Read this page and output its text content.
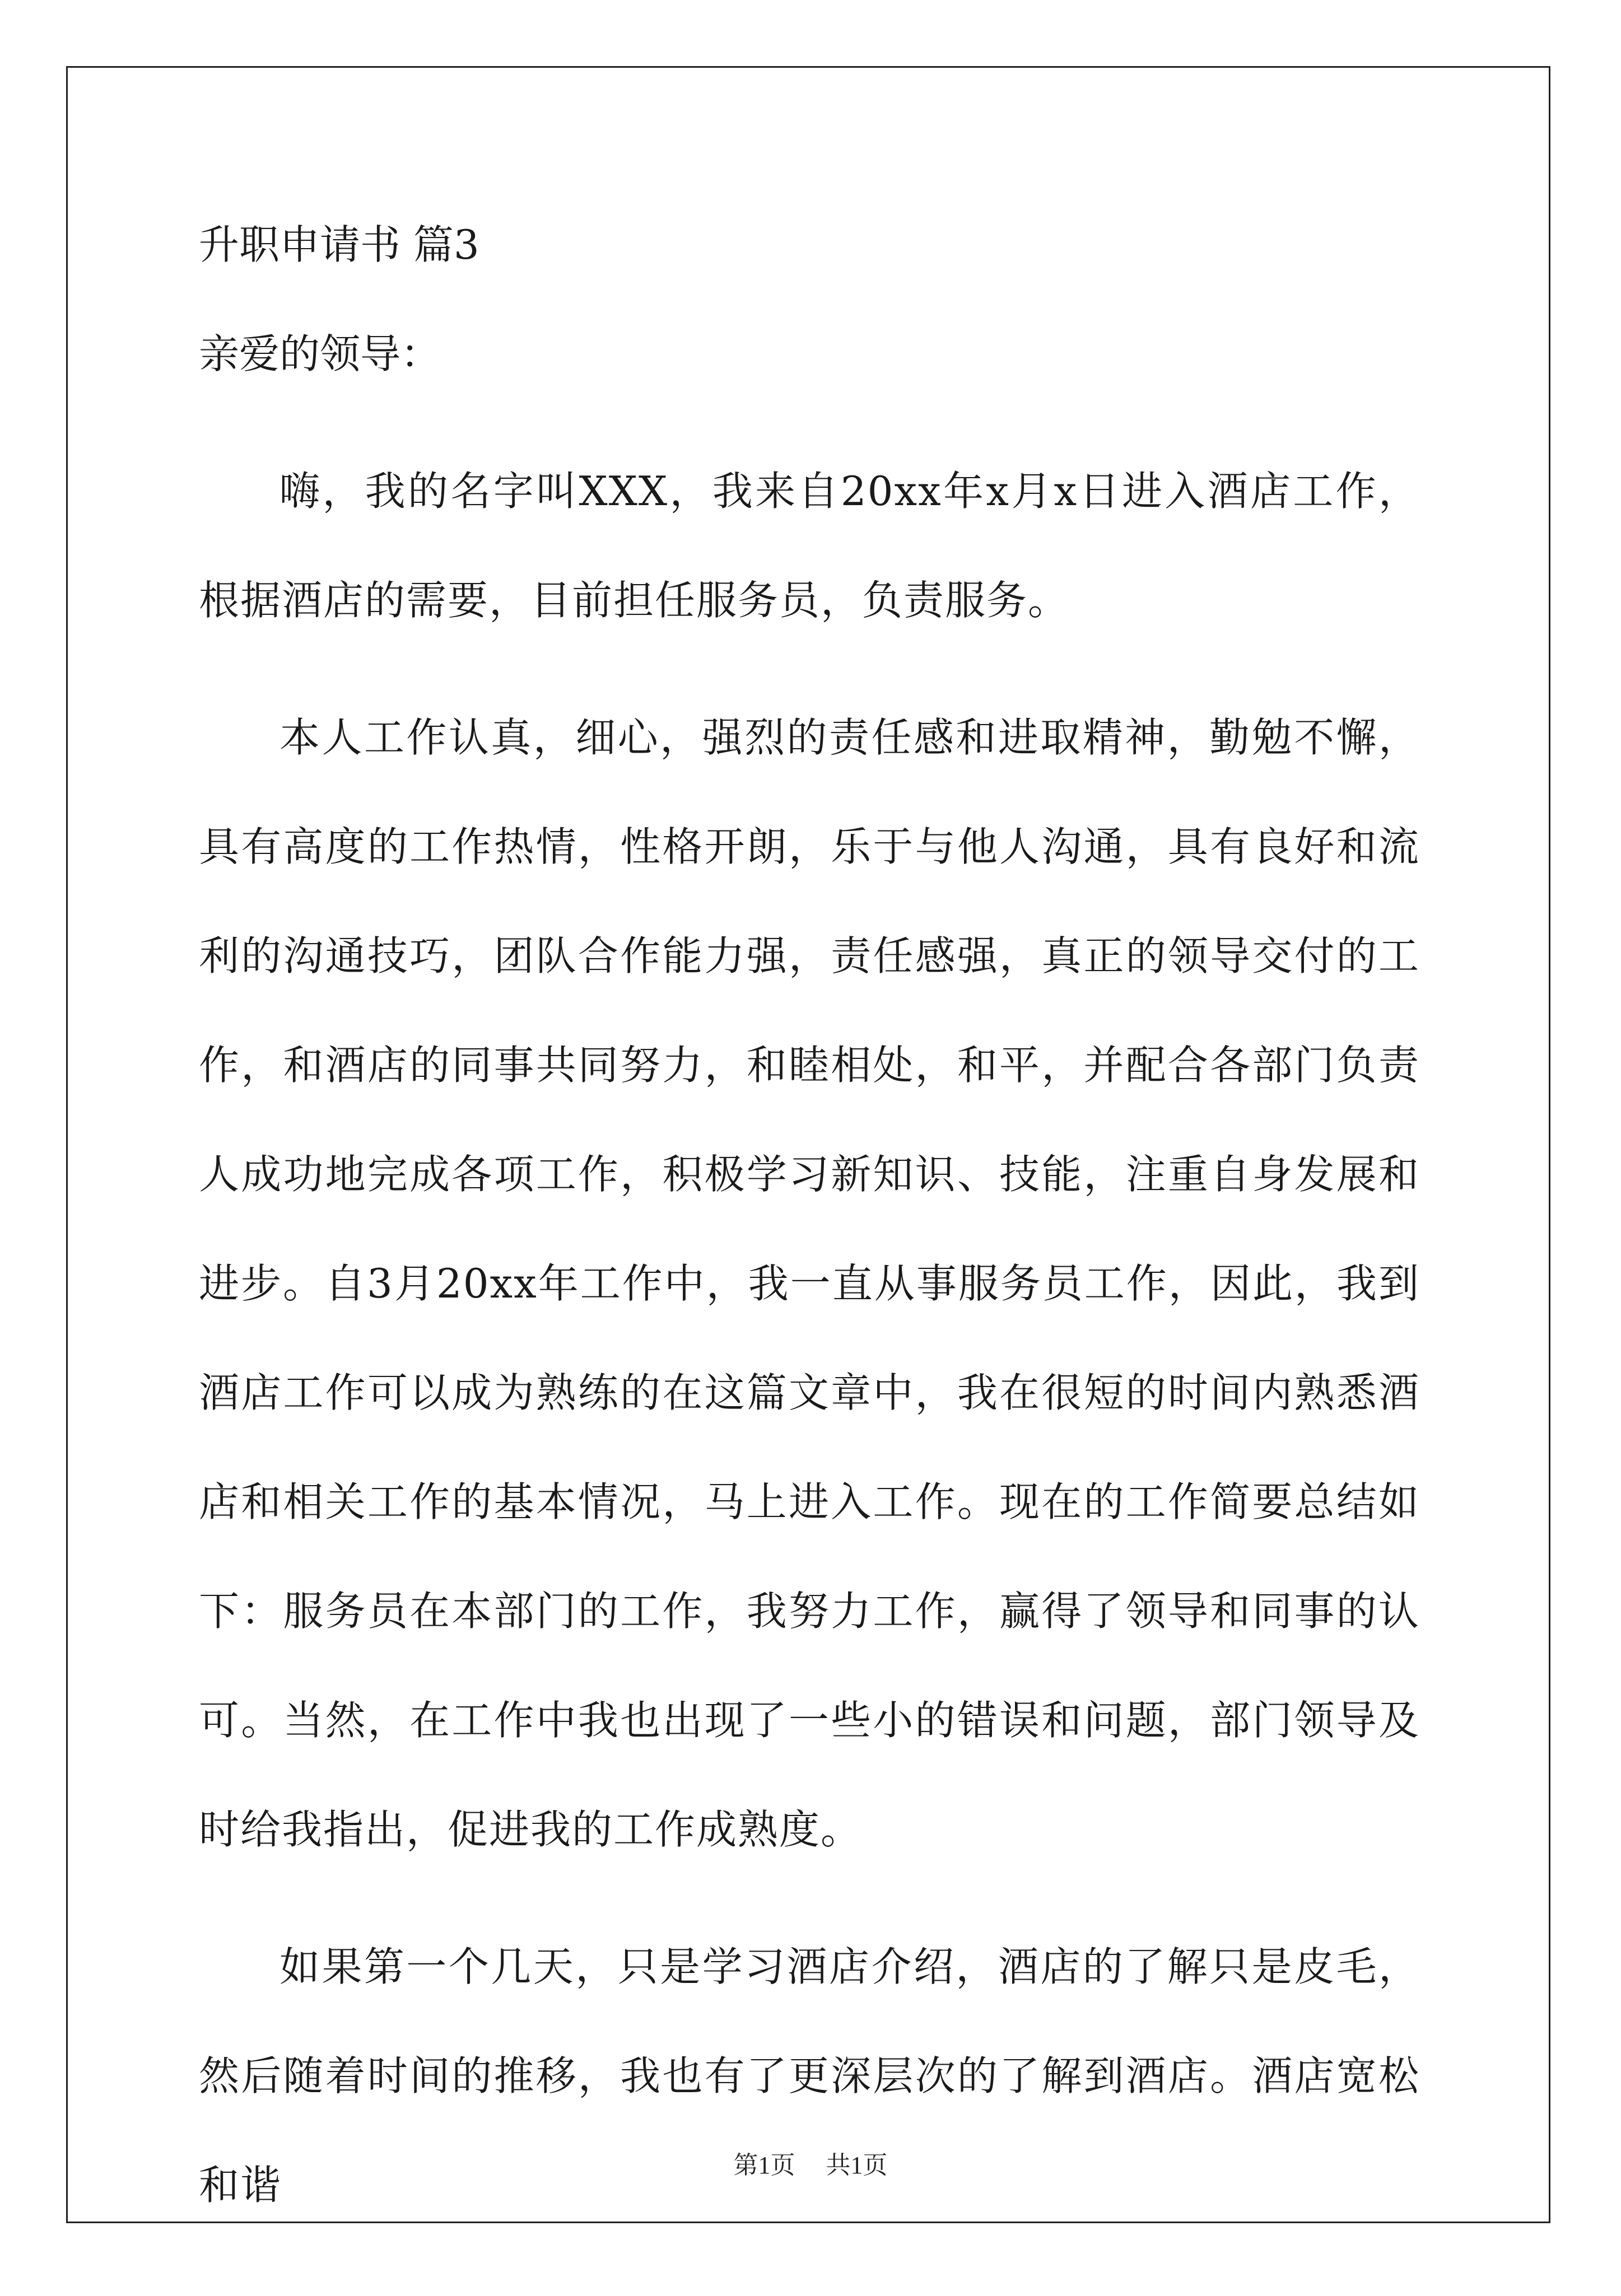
升职申请书 篇3

亲爱的领导：

嗨，我的名字叫XXX，我来自20xx年x月x日进入酒店工作，根据酒店的需要，目前担任服务员，负责服务。

本人工作认真，细心，强烈的责任感和进取精神，勤勉不懈，具有高度的工作热情，性格开朗，乐于与他人沟通，具有良好和流利的沟通技巧，团队合作能力强，责任感强，真正的领导交付的工作，和酒店的同事共同努力，和睦相处，和平，并配合各部门负责人成功地完成各项工作，积极学习新知识、技能，注重自身发展和进步。自3月20xx年工作中，我一直从事服务员工作，因此，我到酒店工作可以成为熟练的在这篇文章中，我在很短的时间内熟悉酒店和相关工作的基本情况，马上进入工作。现在的工作简要总结如下：服务员在本部门的工作，我努力工作，赢得了领导和同事的认可。当然，在工作中我也出现了一些小的错误和问题，部门领导及时给我指出，促进我的工作成熟度。

如果第一个几天，只是学习酒店介绍，酒店的了解只是皮毛，然后随着时间的推移，我也有了更深层次的了解到酒店。酒店宽松和谐	第1页 共1页
